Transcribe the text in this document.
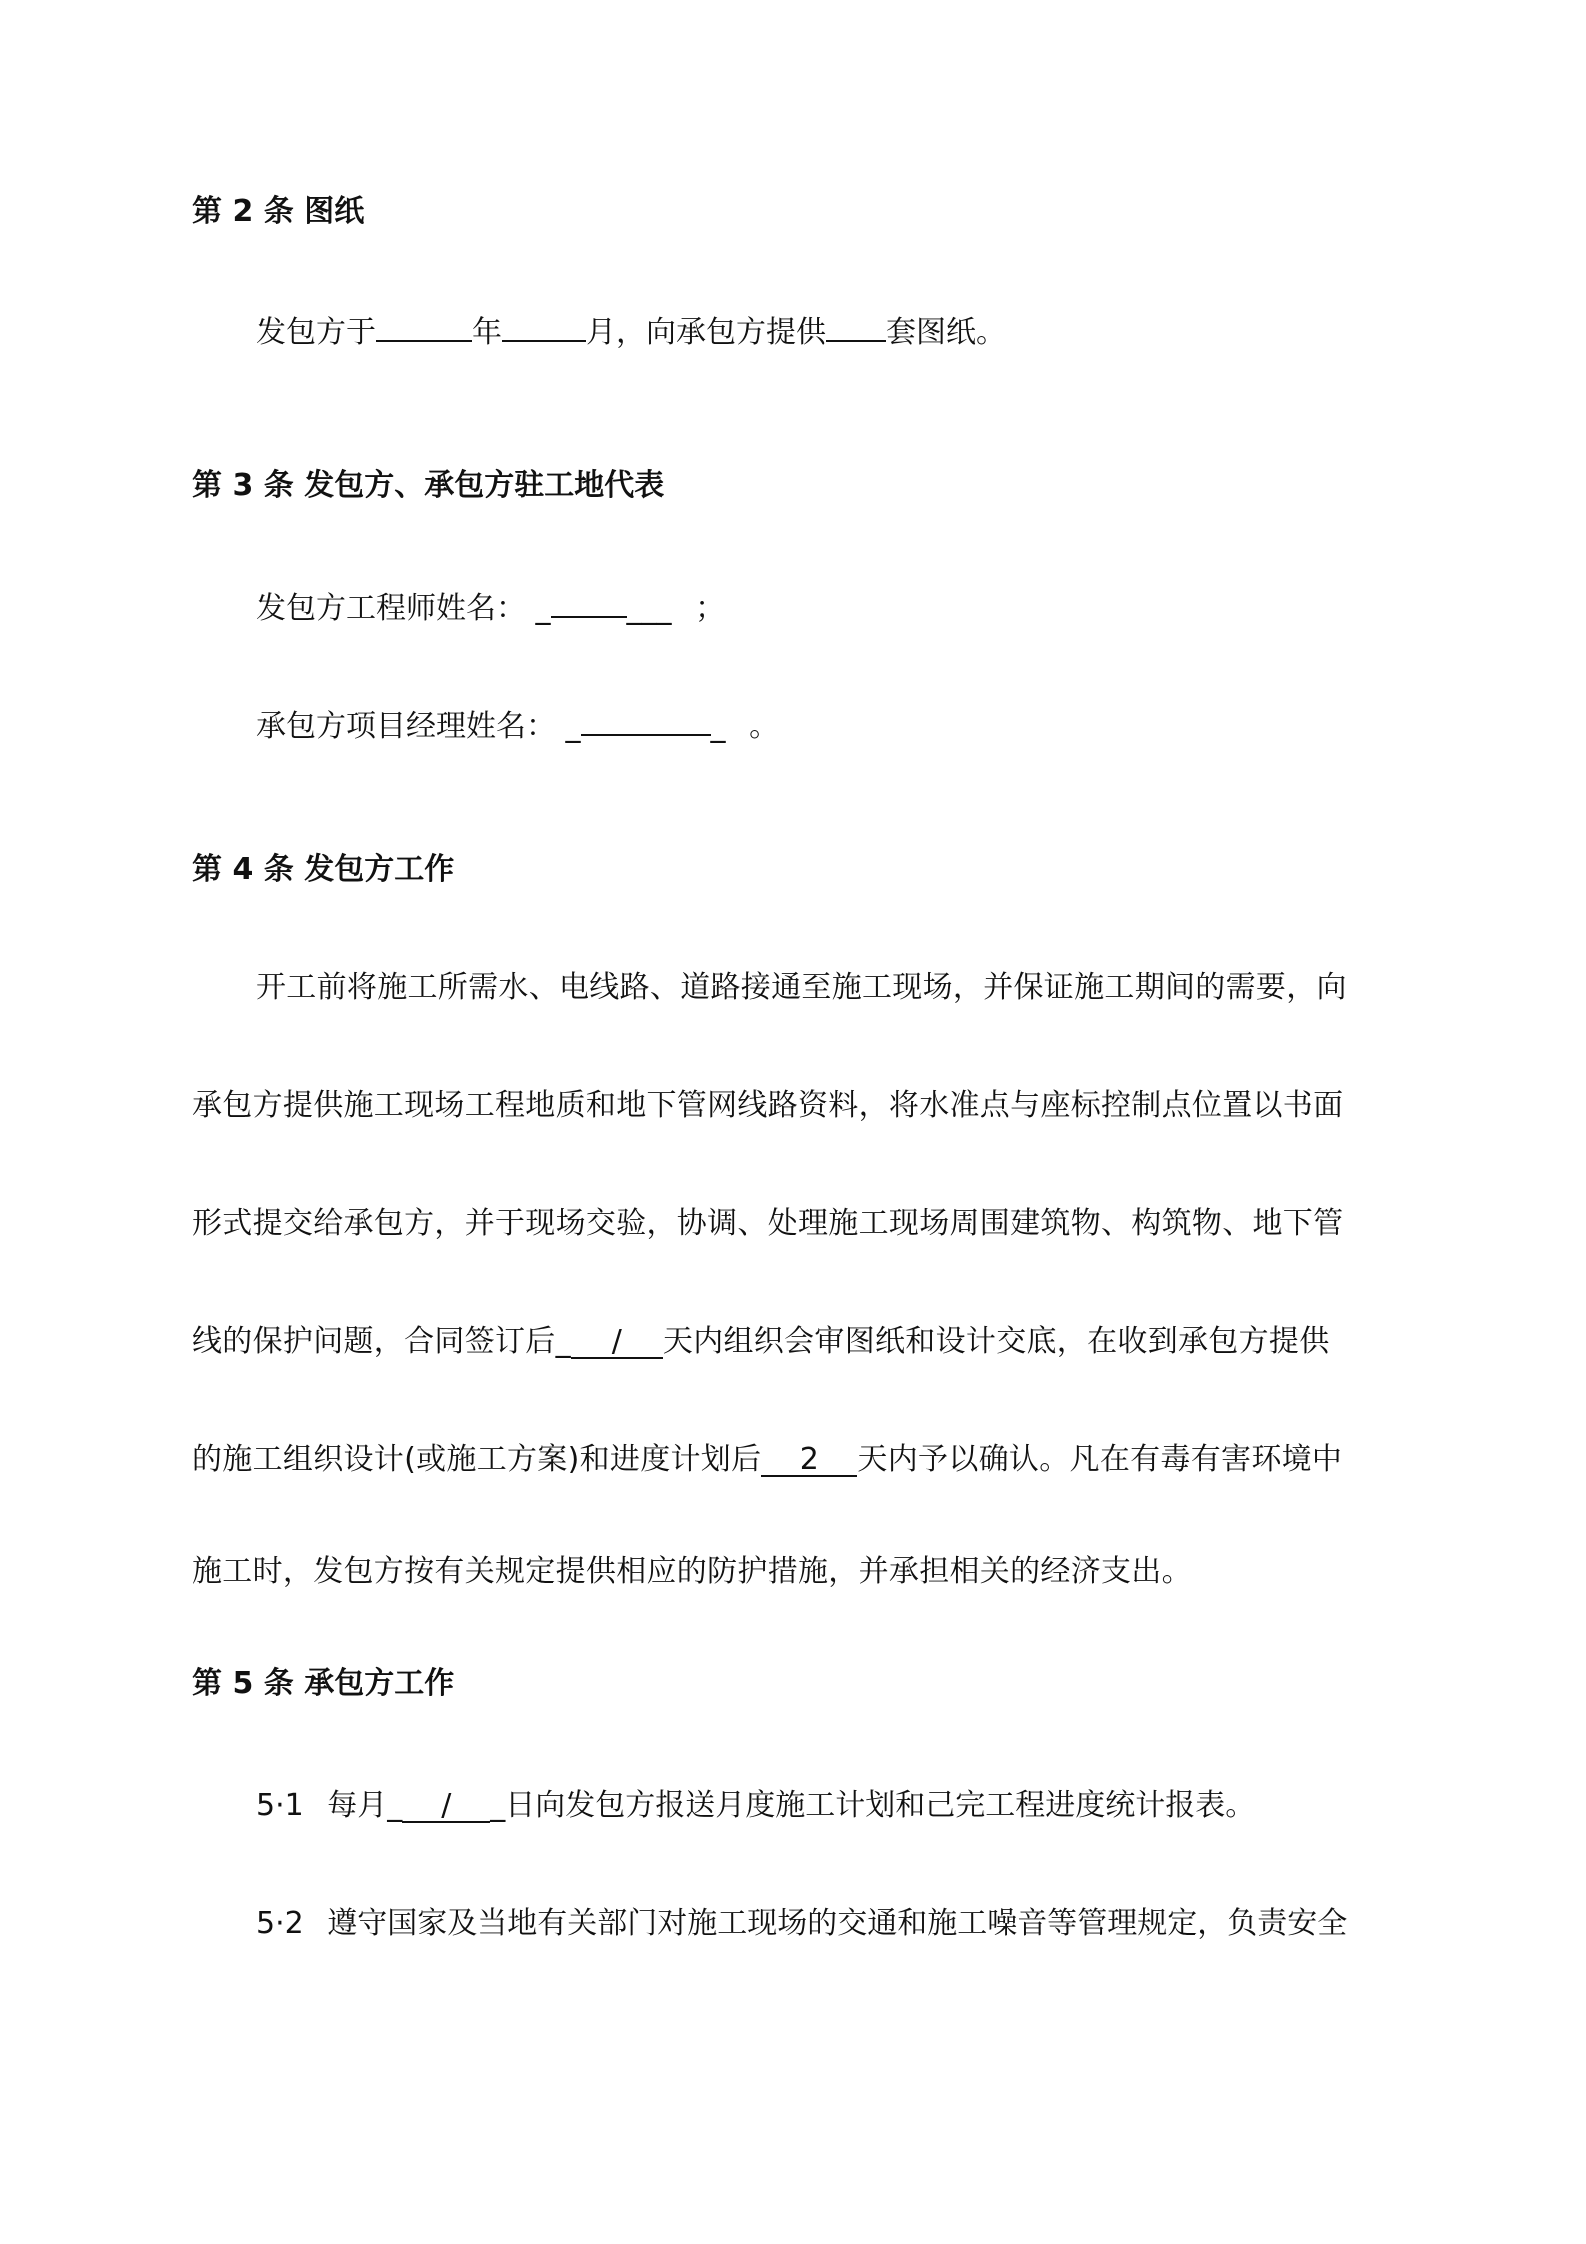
第 2 条 图纸
发包方于	年	月，向承包方提供 套图纸。
第 3 条 发包方、承包方驻工地代表
发包方工程师姓名： _	___ ；
承包方项目经理姓名： _	_ 。
第 4 条 发包方工作
开工前将施工所需水、电线路、道路接通至施工现场，并保证施工期间的需要，向
承包方提供施工现场工程地质和地下管网线路资料，将水准点与座标控制点位置以书面
形式提交给承包方，并于现场交验，协调、处理施工现场周围建筑物、构筑物、地下管
线的保护问题，合同签订后_ / 天内组织会审图纸和设计交底，在收到承包方提供
的施工组织设计(或施工方案)和进度计划后 2 天内予以确认。凡在有毒有害环境中
施工时，发包方按有关规定提供相应的防护措施，并承担相关的经济支出。
第 5 条 承包方工作
5·1 每月_ / _日向发包方报送月度施工计划和己完工程进度统计报表。
5·2 遵守国家及当地有关部门对施工现场的交通和施工噪音等管理规定，负责安全
